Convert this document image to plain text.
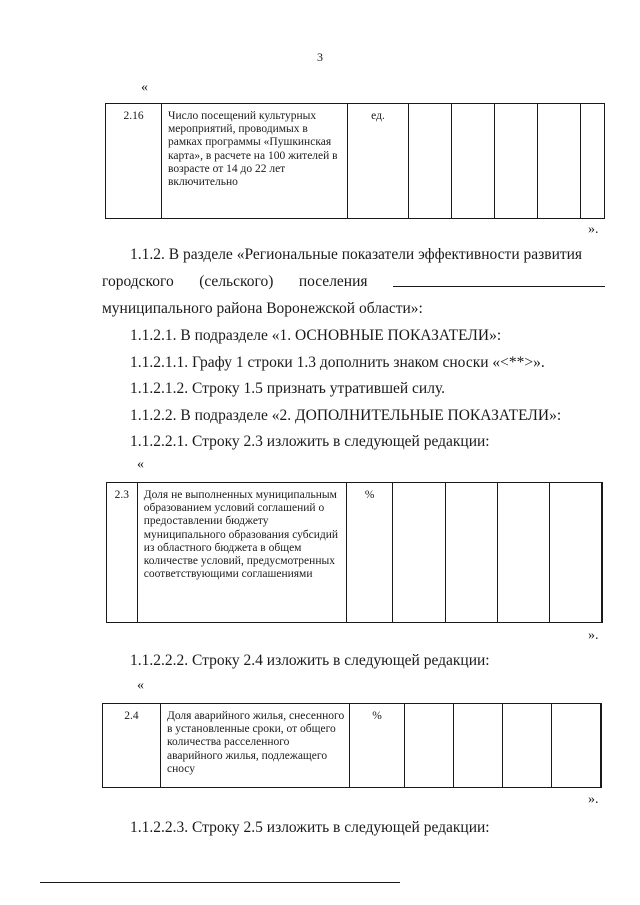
3
«
2.16	Число посещений культурных мероприятий, проводимых в рамках программы «Пушкинская карта», в расчете на 100 жителей в возрасте от 14 до 22 лет включительно	ед.					
».
1.1.2. В разделе «Региональные показатели эффективности развития
городского (сельского) поселения
муниципального района Воронежской области»:
1.1.2.1. В подразделе «1. ОСНОВНЫЕ ПОКАЗАТЕЛИ»:
1.1.2.1.1. Графу 1 строки 1.3 дополнить знаком сноски «<**>».
1.1.2.1.2. Строку 1.5 признать утратившей силу.
1.1.2.2. В подразделе «2. ДОПОЛНИТЕЛЬНЫЕ ПОКАЗАТЕЛИ»:
1.1.2.2.1. Строку 2.3 изложить в следующей редакции:
«
2.3	Доля не выполненных муниципальным образованием условий соглашений о предоставлении бюджету муниципального образования субсидий из областного бюджета в общем количестве условий, предусмотренных соответствующими соглашениями	%					
».
1.1.2.2.2. Строку 2.4 изложить в следующей редакции:
«
2.4	Доля аварийного жилья, снесенного в установленные сроки, от общего количества расселенного аварийного жилья, подлежащего сносу	%					
».
1.1.2.2.3. Строку 2.5 изложить в следующей редакции:
